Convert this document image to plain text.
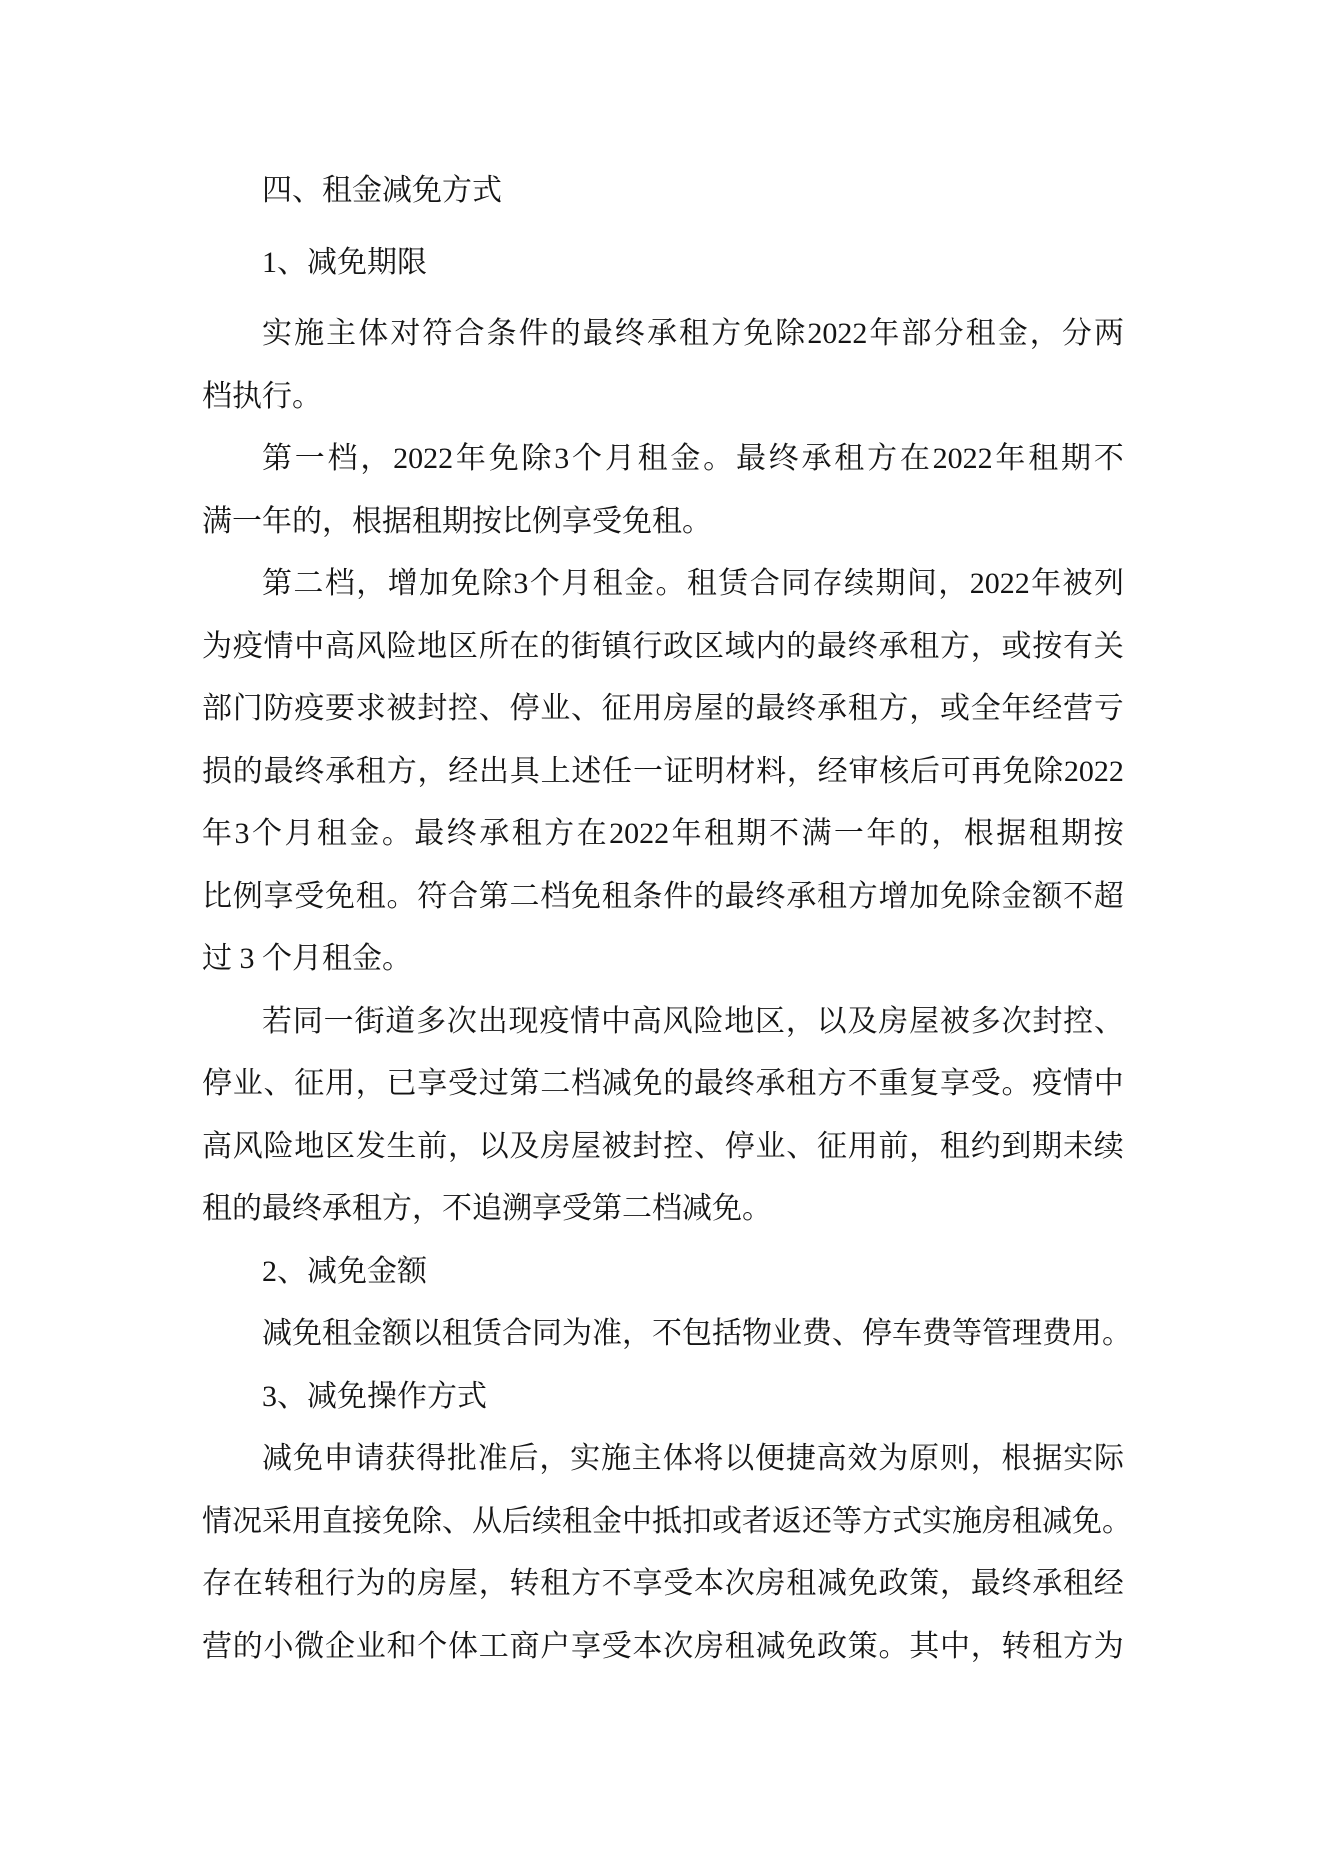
四、租金减免方式
1、减免期限
实 施 主 体 对 符 合 条 件 的 最 终 承 租 方 免 除 2022 年 部 分 租 金 ， 分 两
档执行。
第 一 档 ， 2022 年 免 除 3 个 月 租 金 。 最 终 承 租 方 在 2022 年 租 期 不
满一年的，根据租期按比例享受免租。
第 二 档 ， 增 加 免 除 3 个 月 租 金 。 租 赁 合 同 存 续 期 间 ， 2022 年 被 列
为 疫 情 中 高 风 险 地 区 所 在 的 街 镇 行 政 区 域 内 的 最 终 承 租 方 ， 或 按 有 关
部 门 防 疫 要 求 被 封 控 、 停 业 、 征 用 房 屋 的 最 终 承 租 方 ， 或 全 年 经 营 亏
损 的 最 终 承 租 方 ， 经 出 具 上 述 任 一 证 明 材 料 ， 经 审 核 后 可 再 免 除 2022
年 3 个 月 租 金 。 最 终 承 租 方 在 2022 年 租 期 不 满 一 年 的 ， 根 据 租 期 按
比 例 享 受 免 租 。 符 合 第 二 档 免 租 条 件 的 最 终 承 租 方 增 加 免 除 金 额 不 超
过 3 个月租金。
若 同 一 街 道 多 次 出 现 疫 情 中 高 风 险 地 区 ， 以 及 房 屋 被 多 次 封 控 、
停 业 、 征 用 ， 已 享 受 过 第 二 档 减 免 的 最 终 承 租 方 不 重 复 享 受 。 疫 情 中
高 风 险 地 区 发 生 前 ， 以 及 房 屋 被 封 控 、 停 业 、 征 用 前 ， 租 约 到 期 未 续
租的最终承租方，不追溯享受第二档减免。
2、减免金额
减 免 租 金 额 以 租 赁 合 同 为 准 ， 不 包 括 物 业 费 、 停 车 费 等 管 理 费 用 。
3、减免操作方式
减 免 申 请 获 得 批 准 后 ， 实 施 主 体 将 以 便 捷 高 效 为 原 则 ， 根 据 实 际
情 况 采 用 直 接 免 除 、 从 后 续 租 金 中 抵 扣 或 者 返 还 等 方 式 实 施 房 租 减 免 。
存 在 转 租 行 为 的 房 屋 ， 转 租 方 不 享 受 本 次 房 租 减 免 政 策 ， 最 终 承 租 经
营 的 小 微 企 业 和 个 体 工 商 户 享 受 本 次 房 租 减 免 政 策 。 其 中 ， 转 租 方 为
